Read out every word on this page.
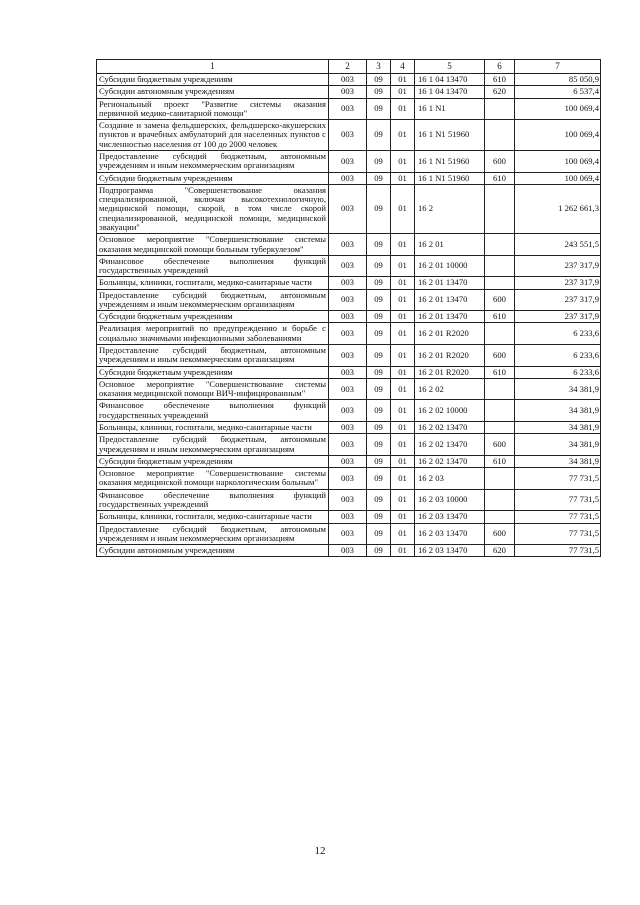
1	2	3	4	5	6	7
Субсидии бюджетным учреждениям	003	09	01	16 1 04 13470	610	85 050,9
Субсидии автономным учреждениям	003	09	01	16 1 04 13470	620	6 537,4
Региональный проект "Развитие системы оказания первичной медико-санитарной помощи"	003	09	01	16 1 N1		100 069,4
Создание и замена фельдшерских, фельдшерско-акушерских пунктов и врачебных амбулаторий для населенных пунктов с численностью населения от 100 до 2000 человек	003	09	01	16 1 N1 51960		100 069,4
Предоставление субсидий бюджетным, автономным учреждениям и иным некоммерческим организациям	003	09	01	16 1 N1 51960	600	100 069,4
Субсидии бюджетным учреждениям	003	09	01	16 1 N1 51960	610	100 069,4
Подпрограмма "Совершенствование оказания специализированной, включая высокотехнологичную, медицинской помощи, скорой, в том числе скорой специализированной, медицинской помощи, медицинской эвакуации"	003	09	01	16 2		1 262 661,3
Основное мероприятие "Совершенствование системы оказания медицинской помощи больным туберкулезом"	003	09	01	16 2 01		243 551,5
Финансовое обеспечение выполнения функций государственных учреждений	003	09	01	16 2 01 10000		237 317,9
Больницы, клиники, госпитали, медико-санитарные части	003	09	01	16 2 01 13470		237 317,9
Предоставление субсидий бюджетным, автономным учреждениям и иным некоммерческим организациям	003	09	01	16 2 01 13470	600	237 317,9
Субсидии бюджетным учреждениям	003	09	01	16 2 01 13470	610	237 317,9
Реализация мероприятий по предупреждению и борьбе с социально значимыми инфекционными заболеваниями	003	09	01	16 2 01 R2020		6 233,6
Предоставление субсидий бюджетным, автономным учреждениям и иным некоммерческим организациям	003	09	01	16 2 01 R2020	600	6 233,6
Субсидии бюджетным учреждениям	003	09	01	16 2 01 R2020	610	6 233,6
Основное мероприятие "Совершенствование системы оказания медицинской помощи ВИЧ-инфицированным"	003	09	01	16 2 02		34 381,9
Финансовое обеспечение выполнения функций государственных учреждений	003	09	01	16 2 02 10000		34 381,9
Больницы, клиники, госпитали, медико-санитарные части	003	09	01	16 2 02 13470		34 381,9
Предоставление субсидий бюджетным, автономным учреждениям и иным некоммерческим организациям	003	09	01	16 2 02 13470	600	34 381,9
Субсидии бюджетным учреждениям	003	09	01	16 2 02 13470	610	34 381,9
Основное мероприятие "Совершенствование системы оказания медицинской помощи наркологическим больным"	003	09	01	16 2 03		77 731,5
Финансовое обеспечение выполнения функций государственных учреждений	003	09	01	16 2 03 10000		77 731,5
Больницы, клиники, госпитали, медико-санитарные части	003	09	01	16 2 03 13470		77 731,5
Предоставление субсидий бюджетным, автономным учреждениям и иным некоммерческим организациям	003	09	01	16 2 03 13470	600	77 731,5
Субсидии автономным учреждениям	003	09	01	16 2 03 13470	620	77 731,5
12
